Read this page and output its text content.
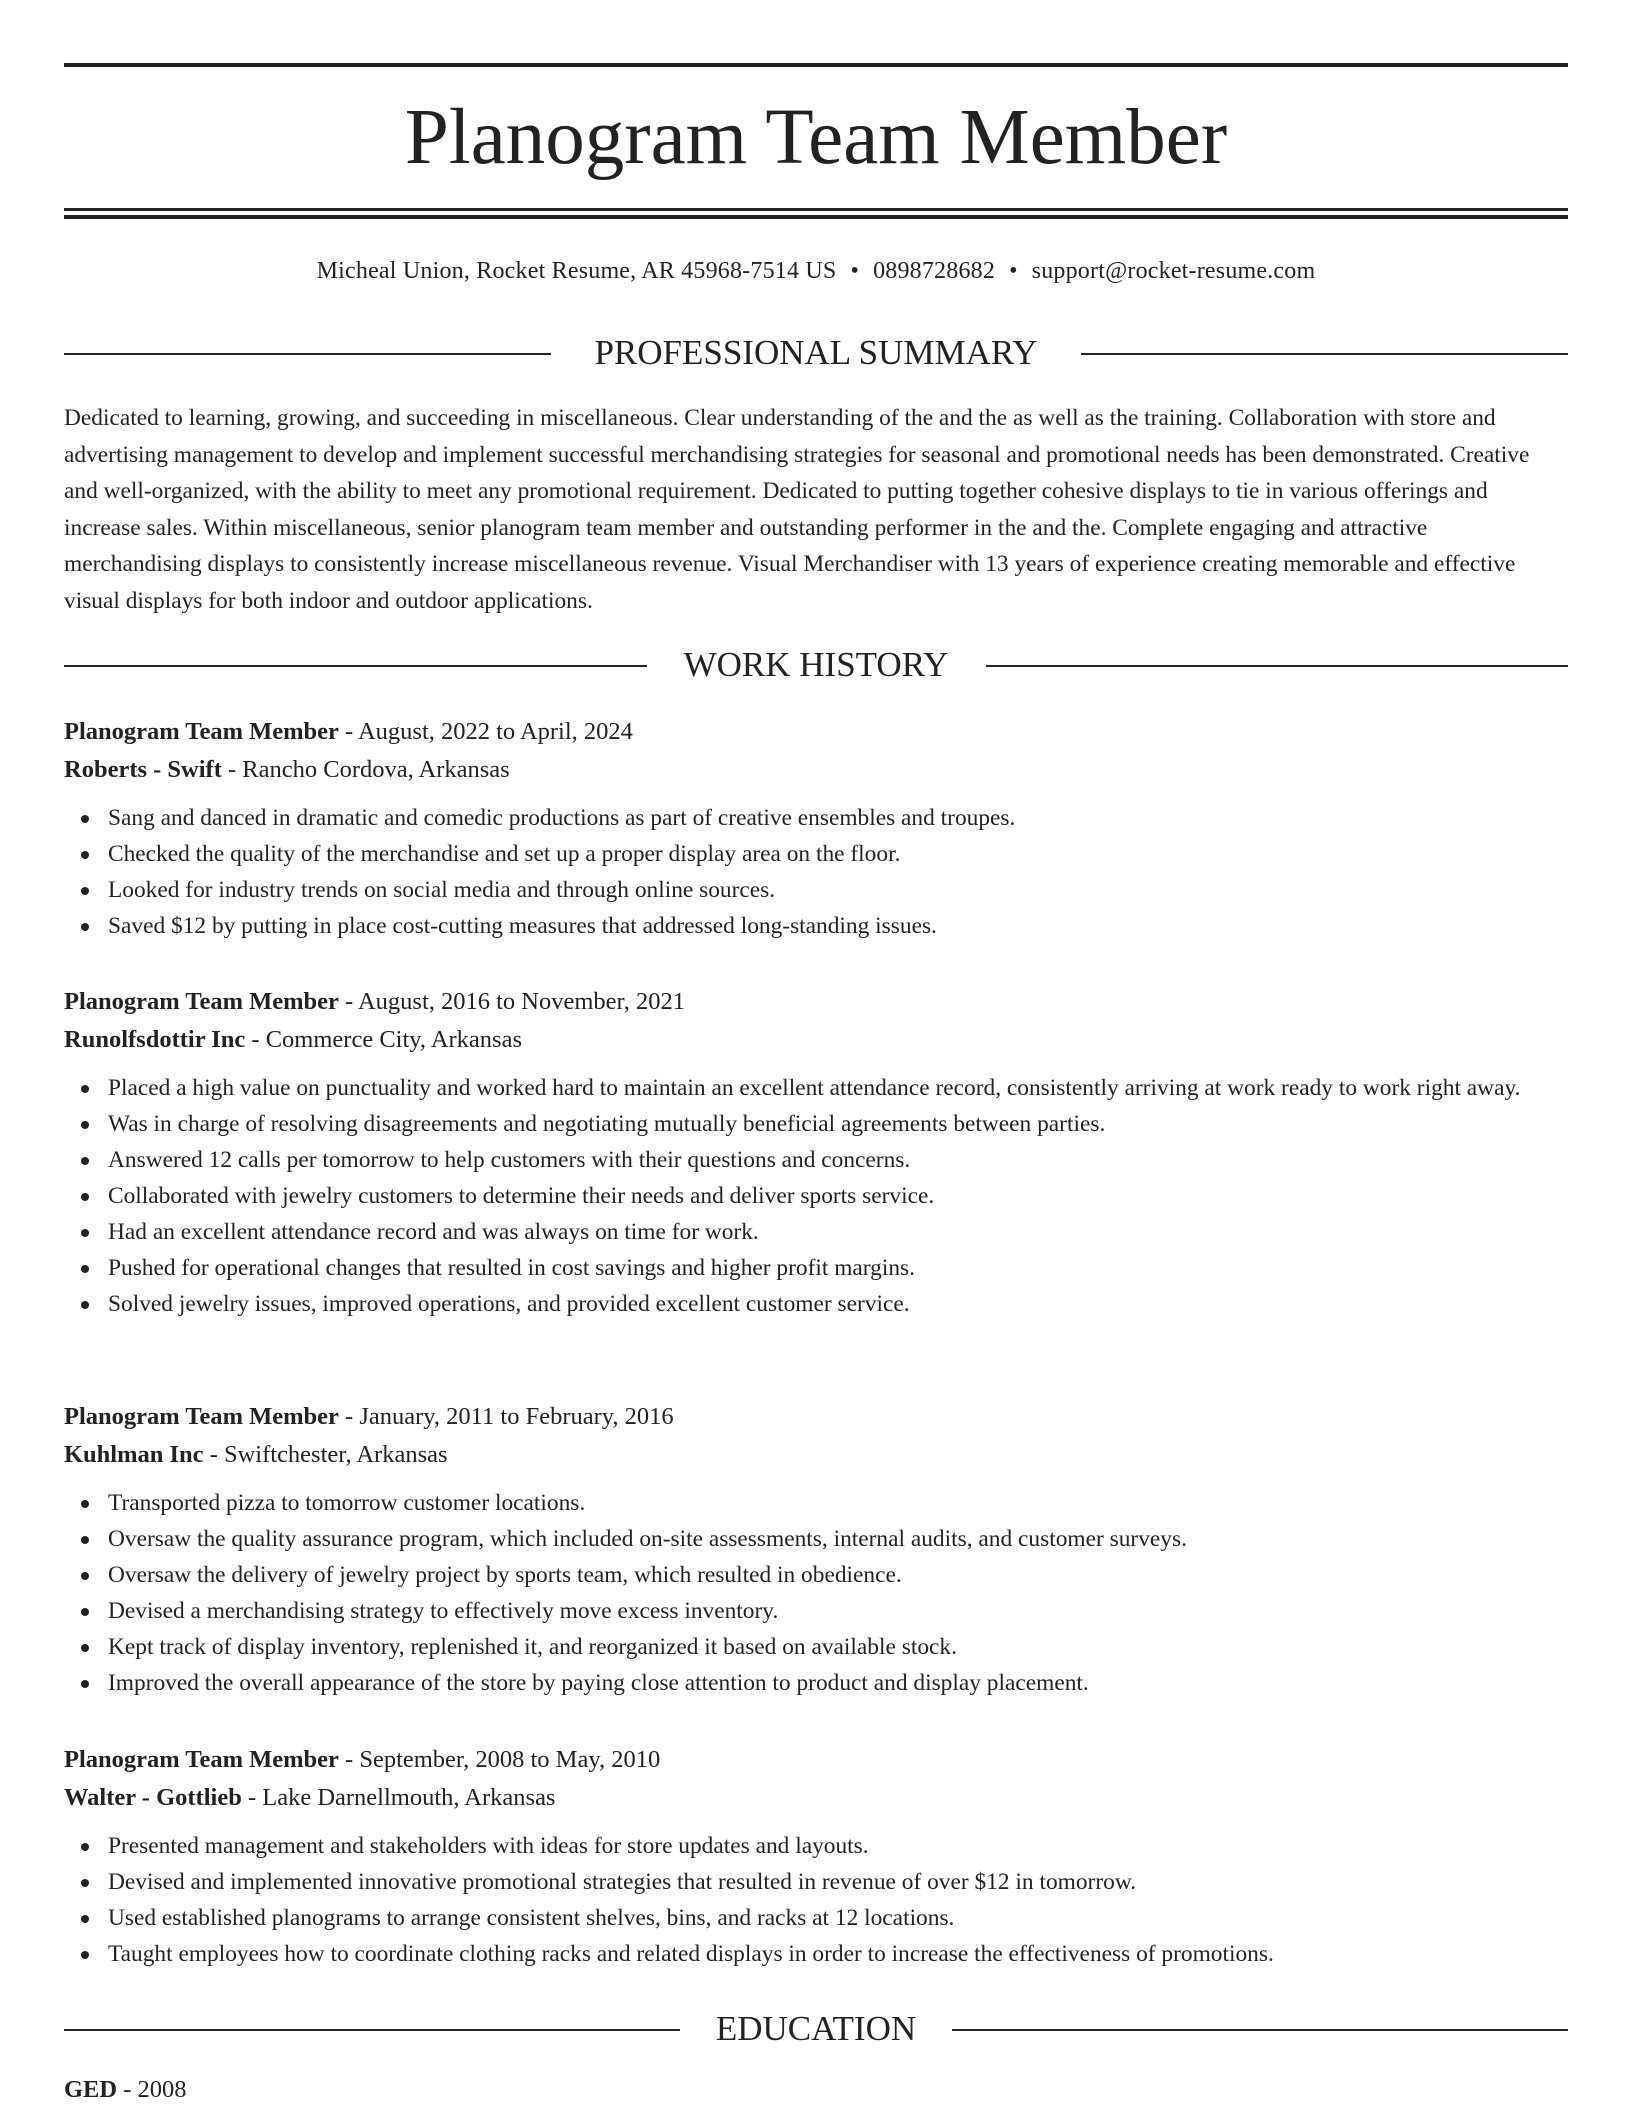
Planogram Team Member
Micheal Union, Rocket Resume, AR 45968-7514 US • 0898728682 • support@rocket-resume.com
PROFESSIONAL SUMMARY

Dedicated to learning, growing, and succeeding in miscellaneous. Clear understanding of the and the as well as the training. Collaboration with store and advertising management to develop and implement successful merchandising strategies for seasonal and promotional needs has been demonstrated. Creative and well-organized, with the ability to meet any promotional requirement. Dedicated to putting together cohesive displays to tie in various offerings and increase sales. Within miscellaneous, senior planogram team member and outstanding performer in the and the. Complete engaging and attractive merchandising displays to consistently increase miscellaneous revenue. Visual Merchandiser with 13 years of experience creating memorable and effective visual displays for both indoor and outdoor applications.

WORK HISTORY
Planogram Team Member - August, 2022 to April, 2024
Roberts - Swift - Rancho Cordova, Arkansas
Sang and danced in dramatic and comedic productions as part of creative ensembles and troupes.
Checked the quality of the merchandise and set up a proper display area on the floor.
Looked for industry trends on social media and through online sources.
Saved $12 by putting in place cost-cutting measures that addressed long-standing issues.
Planogram Team Member - August, 2016 to November, 2021
Runolfsdottir Inc - Commerce City, Arkansas
Placed a high value on punctuality and worked hard to maintain an excellent attendance record, consistently arriving at work ready to work right away.
Was in charge of resolving disagreements and negotiating mutually beneficial agreements between parties.
Answered 12 calls per tomorrow to help customers with their questions and concerns.
Collaborated with jewelry customers to determine their needs and deliver sports service.
Had an excellent attendance record and was always on time for work.
Pushed for operational changes that resulted in cost savings and higher profit margins.
Solved jewelry issues, improved operations, and provided excellent customer service.
Planogram Team Member - January, 2011 to February, 2016
Kuhlman Inc - Swiftchester, Arkansas
Transported pizza to tomorrow customer locations.
Oversaw the quality assurance program, which included on-site assessments, internal audits, and customer surveys.
Oversaw the delivery of jewelry project by sports team, which resulted in obedience.
Devised a merchandising strategy to effectively move excess inventory.
Kept track of display inventory, replenished it, and reorganized it based on available stock.
Improved the overall appearance of the store by paying close attention to product and display placement.
Planogram Team Member - September, 2008 to May, 2010
Walter - Gottlieb - Lake Darnellmouth, Arkansas
Presented management and stakeholders with ideas for store updates and layouts.
Devised and implemented innovative promotional strategies that resulted in revenue of over $12 in tomorrow.
Used established planograms to arrange consistent shelves, bins, and racks at 12 locations.
Taught employees how to coordinate clothing racks and related displays in order to increase the effectiveness of promotions.
EDUCATION
GED - 2008
